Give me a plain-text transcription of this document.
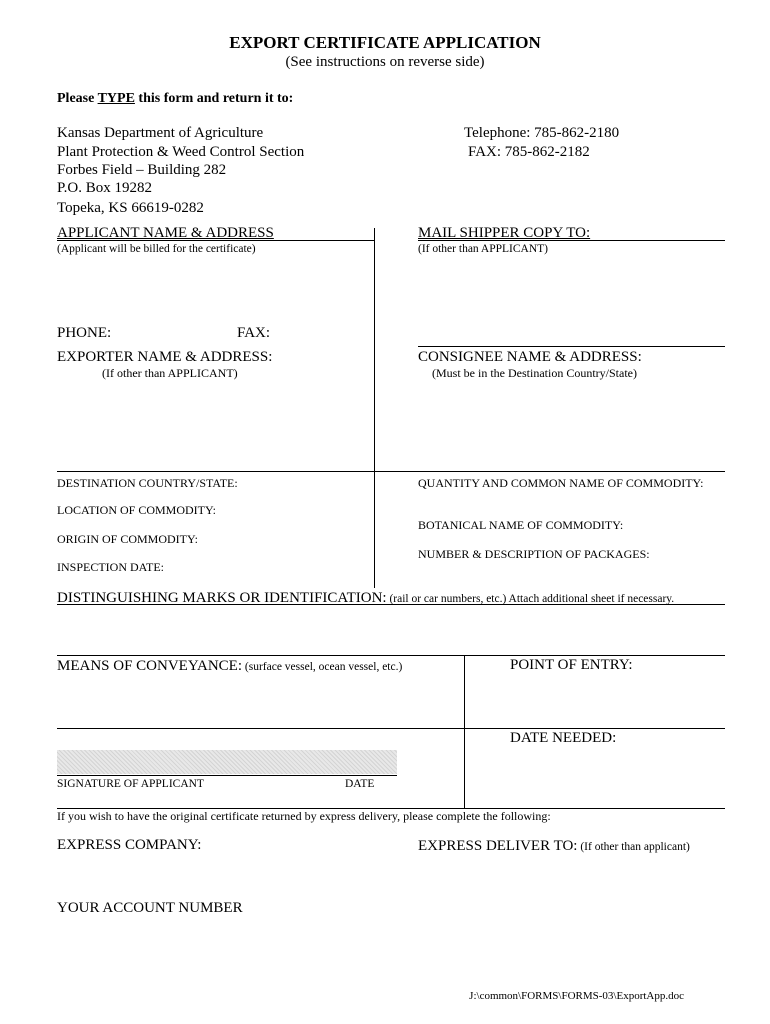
EXPORT CERTIFICATE APPLICATION
(See instructions on reverse side)
Please TYPE this form and return it to:
Kansas Department of Agriculture
Plant Protection & Weed Control Section
Forbes Field – Building 282
P.O. Box 19282
Topeka, KS 66619-0282
Telephone: 785-862-2180
FAX: 785-862-2182
APPLICANT NAME & ADDRESS
(Applicant will be billed for the certificate)
MAIL SHIPPER COPY TO:
(If other than APPLICANT)
PHONE:	FAX:
EXPORTER NAME & ADDRESS:
(If other than APPLICANT)
CONSIGNEE NAME & ADDRESS:
(Must be in the Destination Country/State)
DESTINATION COUNTRY/STATE:
LOCATION OF COMMODITY:
ORIGIN OF COMMODITY:
INSPECTION DATE:
QUANTITY AND COMMON NAME OF COMMODITY:
BOTANICAL NAME OF COMMODITY:
NUMBER & DESCRIPTION OF PACKAGES:
DISTINGUISHING MARKS OR IDENTIFICATION: (rail or car numbers, etc.) Attach additional sheet if necessary.
MEANS OF CONVEYANCE: (surface vessel, ocean vessel, etc.)	POINT OF ENTRY:
DATE NEEDED:
SIGNATURE OF APPLICANT	DATE
If you wish to have the original certificate returned by express delivery, please complete the following:
EXPRESS COMPANY:	EXPRESS DELIVER TO: (If other than applicant)
YOUR ACCOUNT NUMBER
J:\common\FORMS\FORMS-03\ExportApp.doc
